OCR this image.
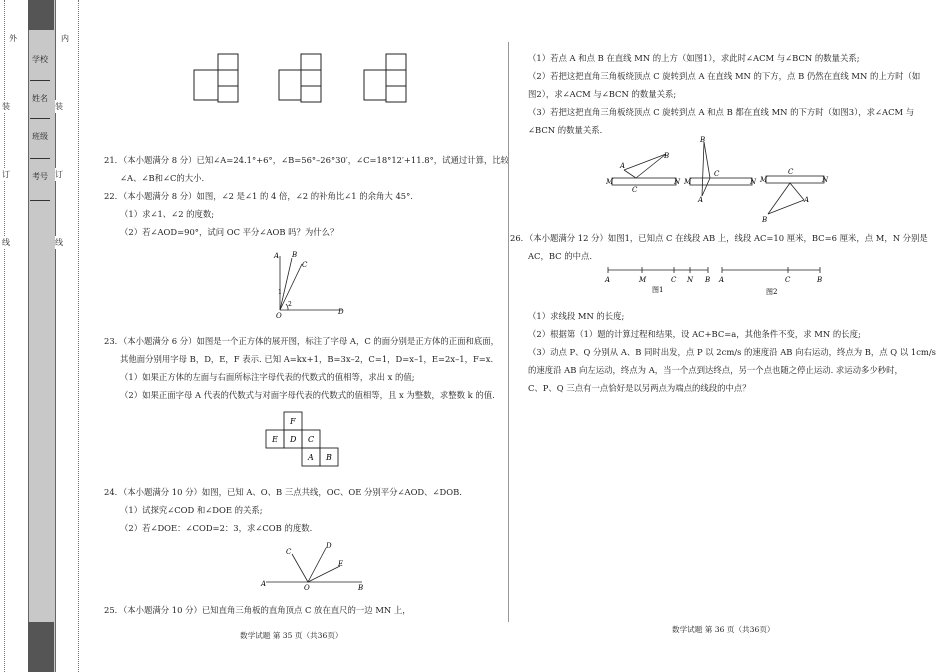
外	内
装	装
订	订
线	线
学校
姓名
班级
考号
21．（本小题满分 8 分）已知∠A=24.1°+6°，∠B=56°–26°30′，∠C=18°12′+11.8°，试通过计算，比较
∠A、∠B和∠C的大小.
22．（本小题满分 8 分）如图，∠2 是∠1 的 4 倍，∠2 的补角比∠1 的余角大 45°.
（1）求∠1、∠2 的度数;
（2）若∠AOD=90°，试问 OC 平分∠AOB 吗？为什么？
A B
C
D
O
1
2
23．（本小题满分 6 分）如图是一个正方体的展开图，标注了字母 A，C 的面分别是正方体的正面和底面，
其他面分别用字母 B，D，E，F 表示. 已知 A=kx+1，B=3x–2，C=1，D=x–1，E=2x–1，F=x.
（1）如果正方体的左面与右面所标注字母代表的代数式的值相等，求出 x 的值;
（2）如果正面字母 A 代表的代数式与对面字母代表的代数式的值相等，且 x 为整数，求整数 k 的值.
F
E D C
A B
24．（本小题满分 10 分）如图，已知 A、O、B 三点共线，OC、OE 分别平分∠AOD、∠DOB.
（1）试探究∠COD 和∠DOE 的关系;
（2）若∠DOE：∠COD=2：3，求∠COB 的度数.
A	O	B
C
D
E
25．（本小题满分 10 分）已知直角三角板的直角顶点 C 放在直尺的一边 MN 上，
数学试题 第 35 页（共36页）
（1）若点 A 和点 B 在直线 MN 的上方（如图1），求此时∠ACM 与∠BCN 的数量关系;
（2）若把这把直角三角板绕顶点 C 旋转到点 A 在直线 MN 的下方，点 B 仍然在直线 MN 的上方时（如
图2），求∠ACM 与∠BCN 的数量关系;
（3）若把这把直角三角板绕顶点 C 旋转到点 A 和点 B 都在直线 MN 的下方时（如图3），求∠ACM 与
∠BCN 的数量关系.
A
B
C
M	N
B
A
C
M	N
C
B
A
M	N
26．（本小题满分 12 分）如图1，已知点 C 在线段 AB 上，线段 AC=10 厘米，BC=6 厘米，点 M，N 分别是
AC，BC 的中点.
A	M	C N B A	C	B
图1	图2
（1）求线段 MN 的长度;
（2）根据第（1）题的计算过程和结果，设 AC+BC=a，其他条件不变，求 MN 的长度;
（3）动点 P、Q 分别从 A、B 同时出发，点 P 以 2cm/s 的速度沿 AB 向右运动，终点为 B，点 Q 以 1cm/s
的速度沿 AB 向左运动，终点为 A，当一个点到达终点，另一个点也随之停止运动. 求运动多少秒时，
C、P、Q 三点有一点恰好是以另两点为端点的线段的中点？
数学试题 第 36 页（共36页）
